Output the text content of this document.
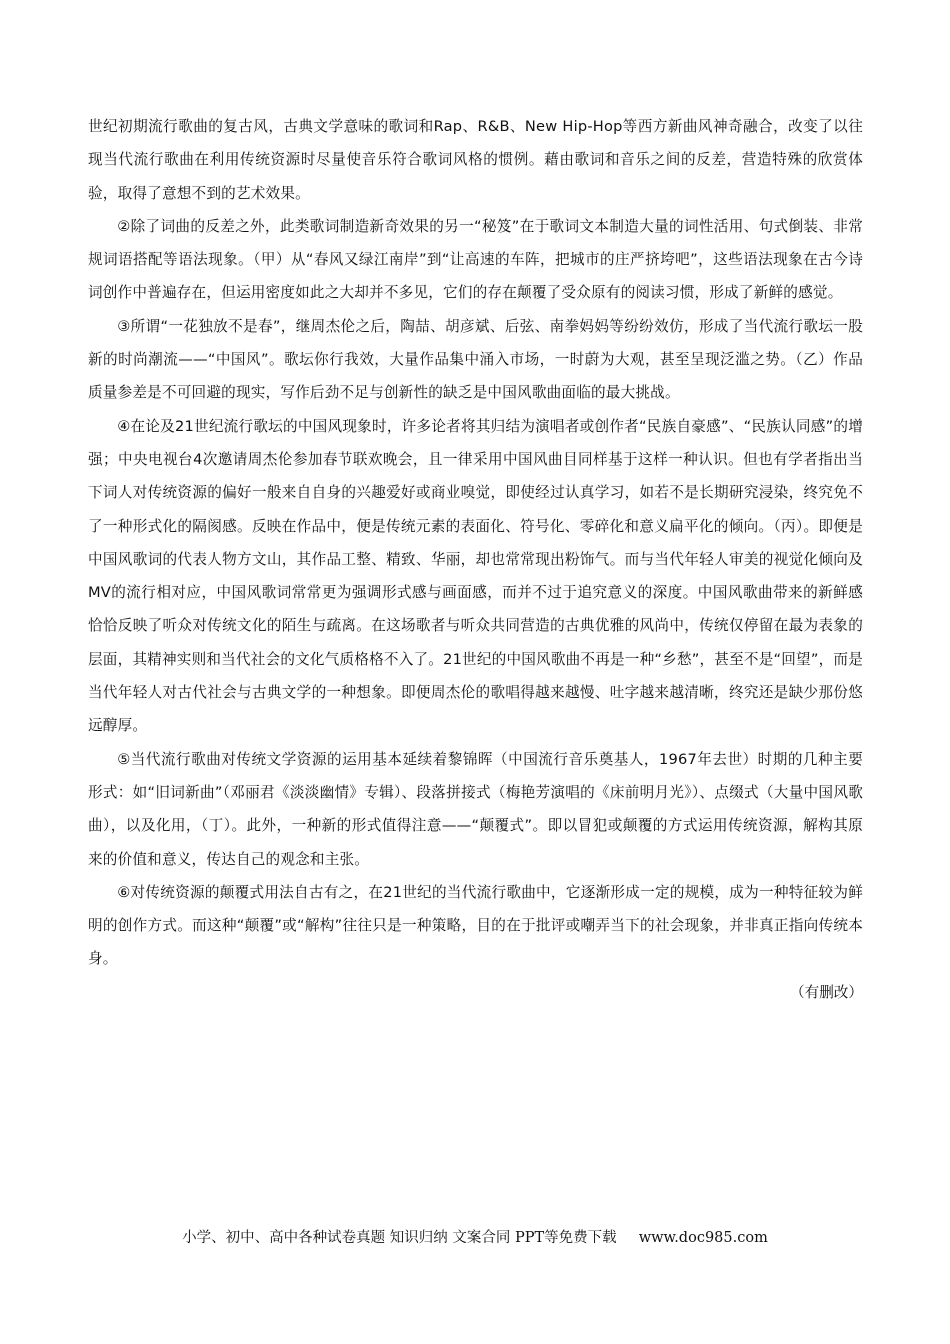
世纪初期流行歌曲的复古风，古典文学意味的歌词和Rap、R&B、New Hip-Hop等西方新曲风神奇融合，改变了以往现当代流行歌曲在利用传统资源时尽量使音乐符合歌词风格的惯例。藉由歌词和音乐之间的反差，营造特殊的欣赏体验，取得了意想不到的艺术效果。

②除了词曲的反差之外，此类歌词制造新奇效果的另一“秘笈”在于歌词文本制造大量的词性活用、句式倒装、非常规词语搭配等语法现象。（甲）从“春风又绿江南岸”到“让高速的车阵，把城市的庄严挤垮吧”，这些语法现象在古今诗词创作中普遍存在，但运用密度如此之大却并不多见，它们的存在颠覆了受众原有的阅读习惯，形成了新鲜的感觉。

③所谓“一花独放不是春”，继周杰伦之后，陶喆、胡彦斌、后弦、南拳妈妈等纷纷效仿，形成了当代流行歌坛一股新的时尚潮流——“中国风”。歌坛你行我效，大量作品集中涌入市场，一时蔚为大观，甚至呈现泛滥之势。（乙）作品质量参差是不可回避的现实，写作后劲不足与创新性的缺乏是中国风歌曲面临的最大挑战。

④在论及21世纪流行歌坛的中国风现象时，许多论者将其归结为演唱者或创作者“民族自豪感”、“民族认同感”的增强；中央电视台4次邀请周杰伦参加春节联欢晚会，且一律采用中国风曲目同样基于这样一种认识。但也有学者指出当下词人对传统资源的偏好一般来自自身的兴趣爱好或商业嗅觉，即使经过认真学习，如若不是长期研究浸染，终究免不了一种形式化的隔阂感。反映在作品中，便是传统元素的表面化、符号化、零碎化和意义扁平化的倾向。（丙）。即便是中国风歌词的代表人物方文山，其作品工整、精致、华丽，却也常常现出粉饰气。而与当代年轻人审美的视觉化倾向及MV的流行相对应，中国风歌词常常更为强调形式感与画面感，而并不过于追究意义的深度。中国风歌曲带来的新鲜感恰恰反映了听众对传统文化的陌生与疏离。在这场歌者与听众共同营造的古典优雅的风尚中，传统仅停留在最为表象的层面，其精神实则和当代社会的文化气质格格不入了。21世纪的中国风歌曲不再是一种“乡愁”，甚至不是“回望”，而是当代年轻人对古代社会与古典文学的一种想象。即便周杰伦的歌唱得越来越慢、吐字越来越清晰，终究还是缺少那份悠远醇厚。

⑤当代流行歌曲对传统文学资源的运用基本延续着黎锦晖（中国流行音乐奠基人，1967年去世）时期的几种主要形式：如“旧词新曲”（邓丽君《淡淡幽情》专辑）、段落拼接式（梅艳芳演唱的《床前明月光》）、点缀式（大量中国风歌曲），以及化用，（丁）。此外，一种新的形式值得注意——“颠覆式”。即以冒犯或颠覆的方式运用传统资源，解构其原来的价值和意义，传达自己的观念和主张。

⑥对传统资源的颠覆式用法自古有之，在21世纪的当代流行歌曲中，它逐渐形成一定的规模，成为一种特征较为鲜明的创作方式。而这种“颠覆”或“解构”往往只是一种策略，目的在于批评或嘲弄当下的社会现象，并非真正指向传统本身。

（有删改）

小学、初中、高中各种试卷真题 知识归纳 文案合同 PPT等免费下载 www.doc985.com
